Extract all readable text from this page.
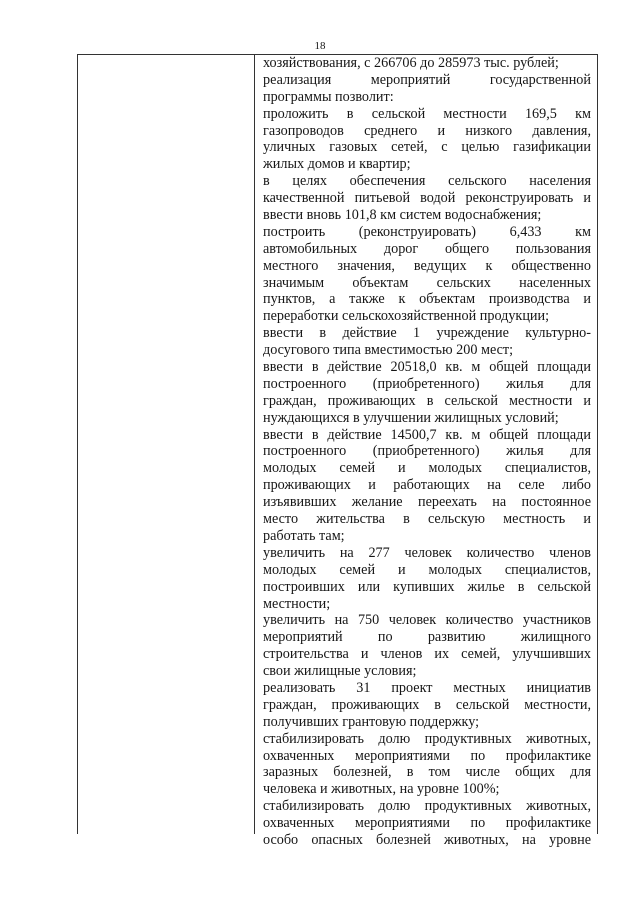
18
хозяйствования, с 266706 до 285973 тыс. рублей;
реализация мероприятий государственной
программы позволит:
проложить в сельской местности 169,5 км
газопроводов среднего и низкого давления,
уличных газовых сетей, с целью газификации
жилых домов и квартир;
в целях обеспечения сельского населения
качественной питьевой водой реконструировать и
ввести вновь 101,8 км систем водоснабжения;
построить (реконструировать) 6,433 км
автомобильных дорог общего пользования
местного значения, ведущих к общественно
значимым объектам сельских населенных
пунктов, а также к объектам производства и
переработки сельскохозяйственной продукции;
ввести в действие 1 учреждение культурно-
досугового типа вместимостью 200 мест;
ввести в действие 20518,0 кв. м общей площади
построенного (приобретенного) жилья для
граждан, проживающих в сельской местности и
нуждающихся в улучшении жилищных условий;
ввести в действие 14500,7 кв. м общей площади
построенного (приобретенного) жилья для
молодых семей и молодых специалистов,
проживающих и работающих на селе либо
изъявивших желание переехать на постоянное
место жительства в сельскую местность и
работать там;
увеличить на 277 человек количество членов
молодых семей и молодых специалистов,
построивших или купивших жилье в сельской
местности;
увеличить на 750 человек количество участников
мероприятий по развитию жилищного
строительства и членов их семей, улучшивших
свои жилищные условия;
реализовать 31 проект местных инициатив
граждан, проживающих в сельской местности,
получивших грантовую поддержку;
стабилизировать долю продуктивных животных,
охваченных мероприятиями по профилактике
заразных болезней, в том числе общих для
человека и животных, на уровне 100%;
стабилизировать долю продуктивных животных,
охваченных мероприятиями по профилактике
особо опасных болезней животных, на уровне
